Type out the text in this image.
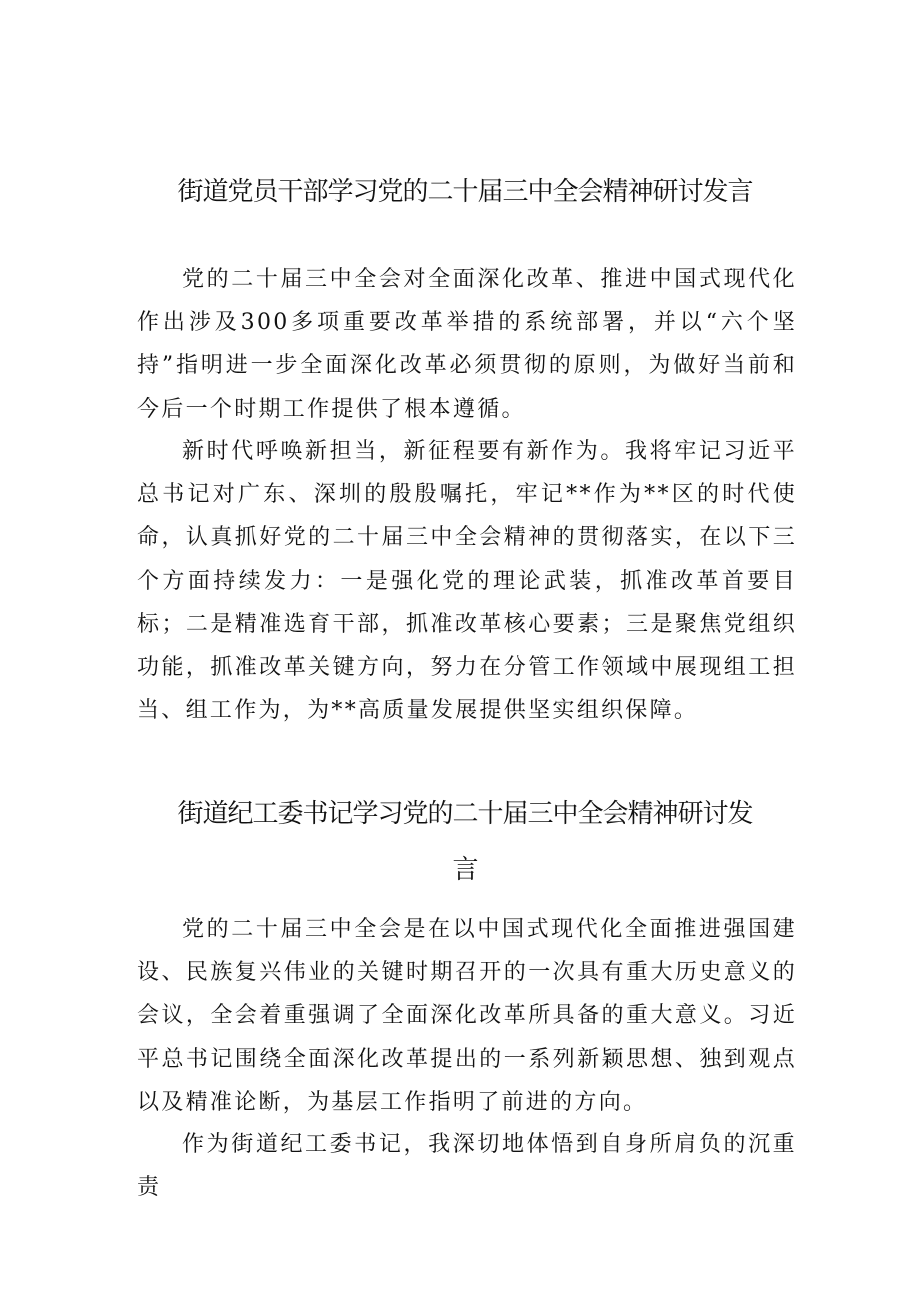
街道党员干部学习党的二十届三中全会精神研讨发言

党的二十届三中全会对全面深化改革、推进中国式现代化作出涉及300多项重要改革举措的系统部署，并以“六个坚持”指明进一步全面深化改革必须贯彻的原则，为做好当前和今后一个时期工作提供了根本遵循。

新时代呼唤新担当，新征程要有新作为。我将牢记习近平总书记对广东、深圳的殷殷嘱托，牢记**作为**区的时代使命，认真抓好党的二十届三中全会精神的贯彻落实，在以下三个方面持续发力：一是强化党的理论武装，抓准改革首要目标；二是精准选育干部，抓准改革核心要素；三是聚焦党组织功能，抓准改革关键方向，努力在分管工作领域中展现组工担当、组工作为，为**高质量发展提供坚实组织保障。

街道纪工委书记学习党的二十届三中全会精神研讨发
言

党的二十届三中全会是在以中国式现代化全面推进强国建设、民族复兴伟业的关键时期召开的一次具有重大历史意义的会议，全会着重强调了全面深化改革所具备的重大意义。习近平总书记围绕全面深化改革提出的一系列新颖思想、独到观点以及精准论断，为基层工作指明了前进的方向。

作为街道纪工委书记，我深切地体悟到自身所肩负的沉重责
